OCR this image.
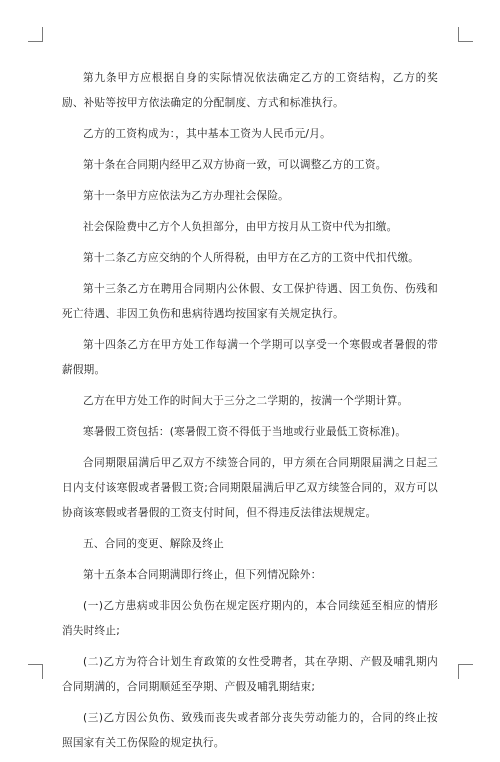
第九条甲方应根据自身的实际情况依法确定乙方的工资结构，乙方的奖励、补贴等按甲方依法确定的分配制度、方式和标准执行。

乙方的工资构成为：，其中基本工资为人民币元/月。

第十条在合同期内经甲乙双方协商一致，可以调整乙方的工资。

第十一条甲方应依法为乙方办理社会保险。

社会保险费中乙方个人负担部分，由甲方按月从工资中代为扣缴。

第十二条乙方应交纳的个人所得税，由甲方在乙方的工资中代扣代缴。

第十三条乙方在聘用合同期内公休假、女工保护待遇、因工负伤、伤残和死亡待遇、非因工负伤和患病待遇均按国家有关规定执行。

第十四条乙方在甲方处工作每满一个学期可以享受一个寒假或者暑假的带薪假期。

乙方在甲方处工作的时间大于三分之二学期的，按满一个学期计算。

寒暑假工资包括：(寒暑假工资不得低于当地或行业最低工资标准)。

合同期限届满后甲乙双方不续签合同的，甲方须在合同期限届满之日起三日内支付该寒假或者暑假工资;合同期限届满后甲乙双方续签合同的，双方可以协商该寒假或者暑假的工资支付时间，但不得违反法律法规规定。

五、合同的变更、解除及终止

第十五条本合同期满即行终止，但下列情况除外：

(一)乙方患病或非因公负伤在规定医疗期内的，本合同续延至相应的情形消失时终止;

(二)乙方为符合计划生育政策的女性受聘者，其在孕期、产假及哺乳期内合同期满的，合同期顺延至孕期、产假及哺乳期结束;

(三)乙方因公负伤、致残而丧失或者部分丧失劳动能力的，合同的终止按照国家有关工伤保险的规定执行。
